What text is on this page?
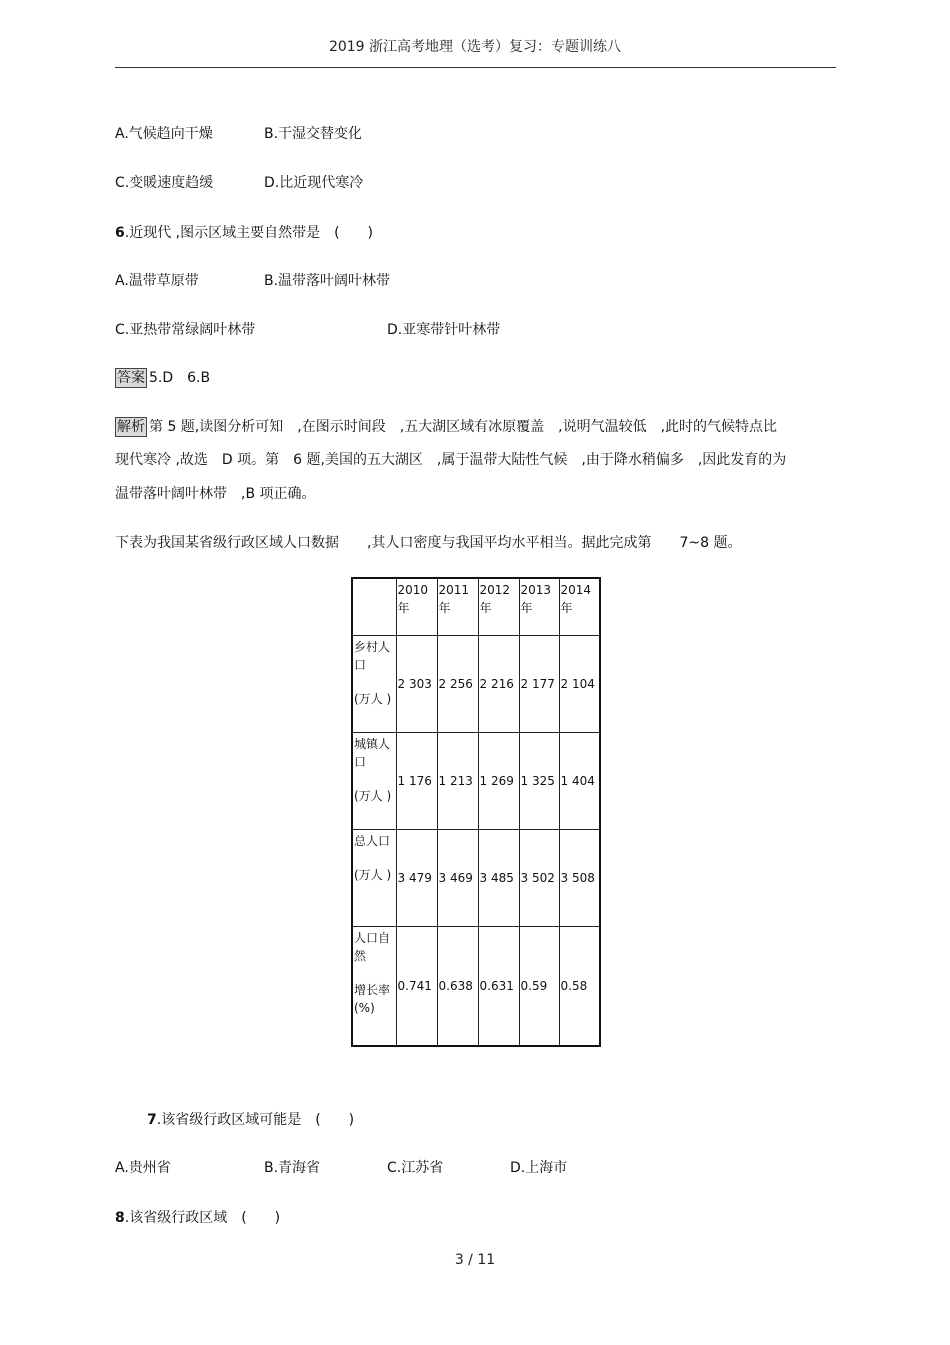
2019 浙江高考地理（选考）复习：专题训练八
A.气候趋向干燥	B.干湿交替变化
C.变暖速度趋缓	D.比近现代寒冷
6.近现代 ,图示区域主要自然带是　(　　)
A.温带草原带	B.温带落叶阔叶林带
C.亚热带常绿阔叶林带	D.亚寒带针叶林带
答案 5.D　6.B
解析 第 5 题,读图分析可知　,在图示时间段　,五大湖区域有冰原覆盖　,说明气温较低　,此时的气候特点比
现代寒冷 ,故选　D 项。第　6 题,美国的五大湖区　,属于温带大陆性气候　,由于降水稍偏多　,因此发育的为
温带落叶阔叶林带　,B 项正确。
下表为我国某省级行政区域人口数据　　,其人口密度与我国平均水平相当。据此完成第　　7~8 题。
	2010年	2011年	2012年	2013年	2014年
乡村人口
(万人 )	2 303	2 256	2 216	2 177	2 104
城镇人口
(万人 )	1 176	1 213	1 269	1 325	1 404
总人口
(万人 )	3 479	3 469	3 485	3 502	3 508
人口自然
增长率 (%)	0.741	0.638	0.631	0.59	0.58
7.该省级行政区域可能是　(　　)
A.贵州省	B.青海省	C.江苏省	D.上海市
8.该省级行政区域　(　　)
3 / 11
